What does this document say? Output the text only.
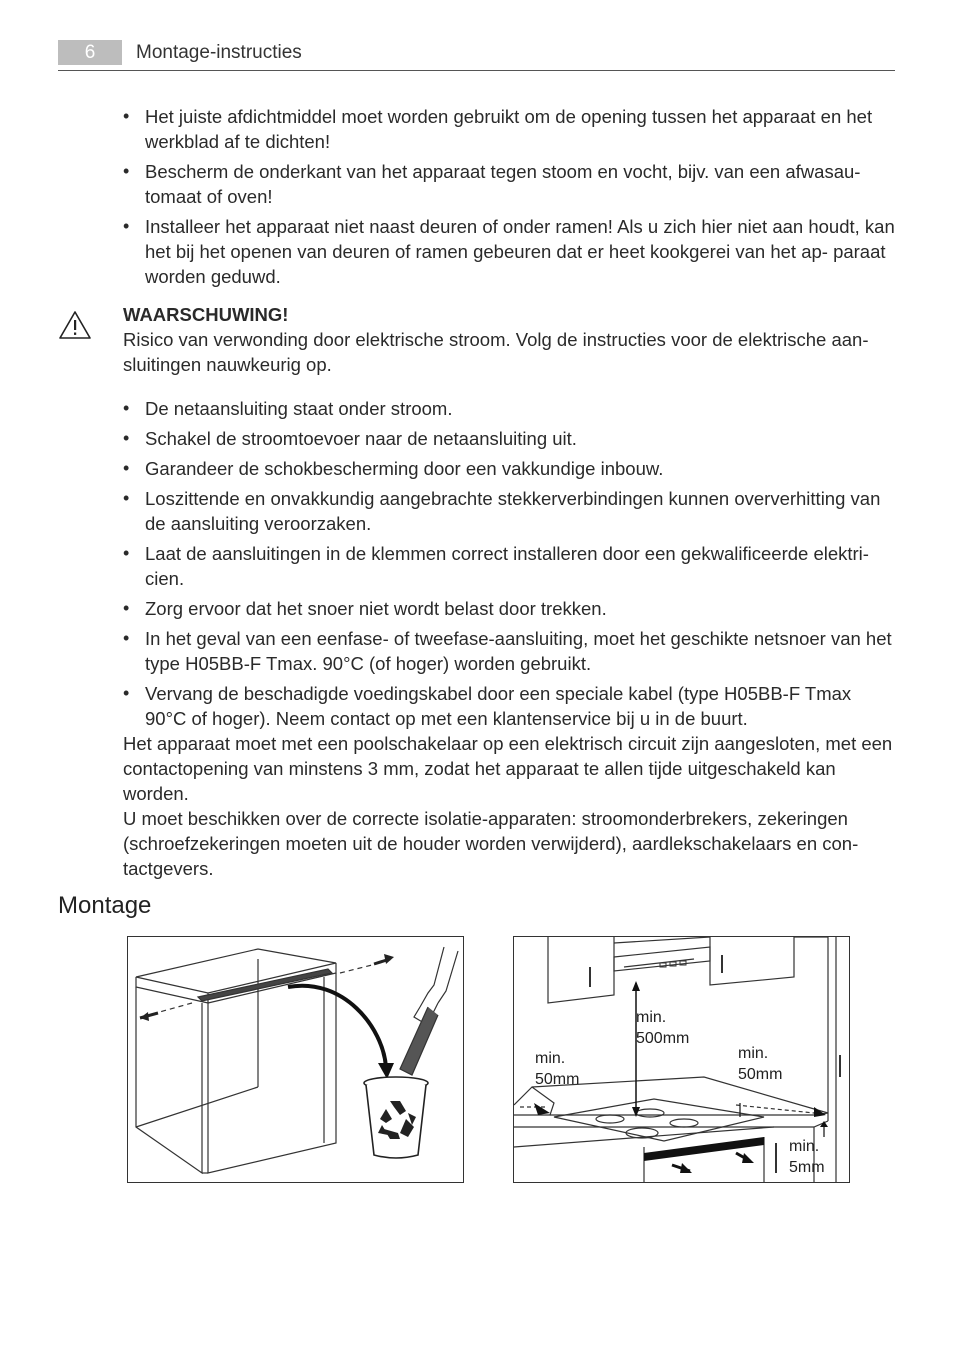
6	Montage-instructies
• Het juiste afdichtmiddel moet worden gebruikt om de opening tussen het apparaat en het werkblad af te dichten!
• Bescherm de onderkant van het apparaat tegen stoom en vocht, bijv. van een afwasau- tomaat of oven!
• Installeer het apparaat niet naast deuren of onder ramen! Als u zich hier niet aan houdt, kan het bij het openen van deuren of ramen gebeuren dat er heet kookgerei van het ap- paraat worden geduwd.
WAARSCHUWING!
Risico van verwonding door elektrische stroom. Volg de instructies voor de elektrische aan- sluitingen nauwkeurig op.
• De netaansluiting staat onder stroom.
• Schakel de stroomtoevoer naar de netaansluiting uit.
• Garandeer de schokbescherming door een vakkundige inbouw.
• Loszittende en onvakkundig aangebrachte stekkerverbindingen kunnen oververhitting van de aansluiting veroorzaken.
• Laat de aansluitingen in de klemmen correct installeren door een gekwalificeerde elektri- cien.
• Zorg ervoor dat het snoer niet wordt belast door trekken.
• In het geval van een eenfase- of tweefase-aansluiting, moet het geschikte netsnoer van het type H05BB-F Tmax. 90°C (of hoger) worden gebruikt.
• Vervang de beschadigde voedingskabel door een speciale kabel (type H05BB-F Tmax 90°C of hoger). Neem contact op met een klantenservice bij u in de buurt.
Het apparaat moet met een poolschakelaar op een elektrisch circuit zijn aangesloten, met een contactopening van minstens 3 mm, zodat het apparaat te allen tijde uitgeschakeld kan worden.
U moet beschikken over de correcte isolatie-apparaten: stroomonderbrekers, zekeringen (schroefzekeringen moeten uit de houder worden verwijderd), aardlekschakelaars en con- tactgevers.
Montage
min.
500mm
min.
50mm
min.
50mm
min.
5mm
